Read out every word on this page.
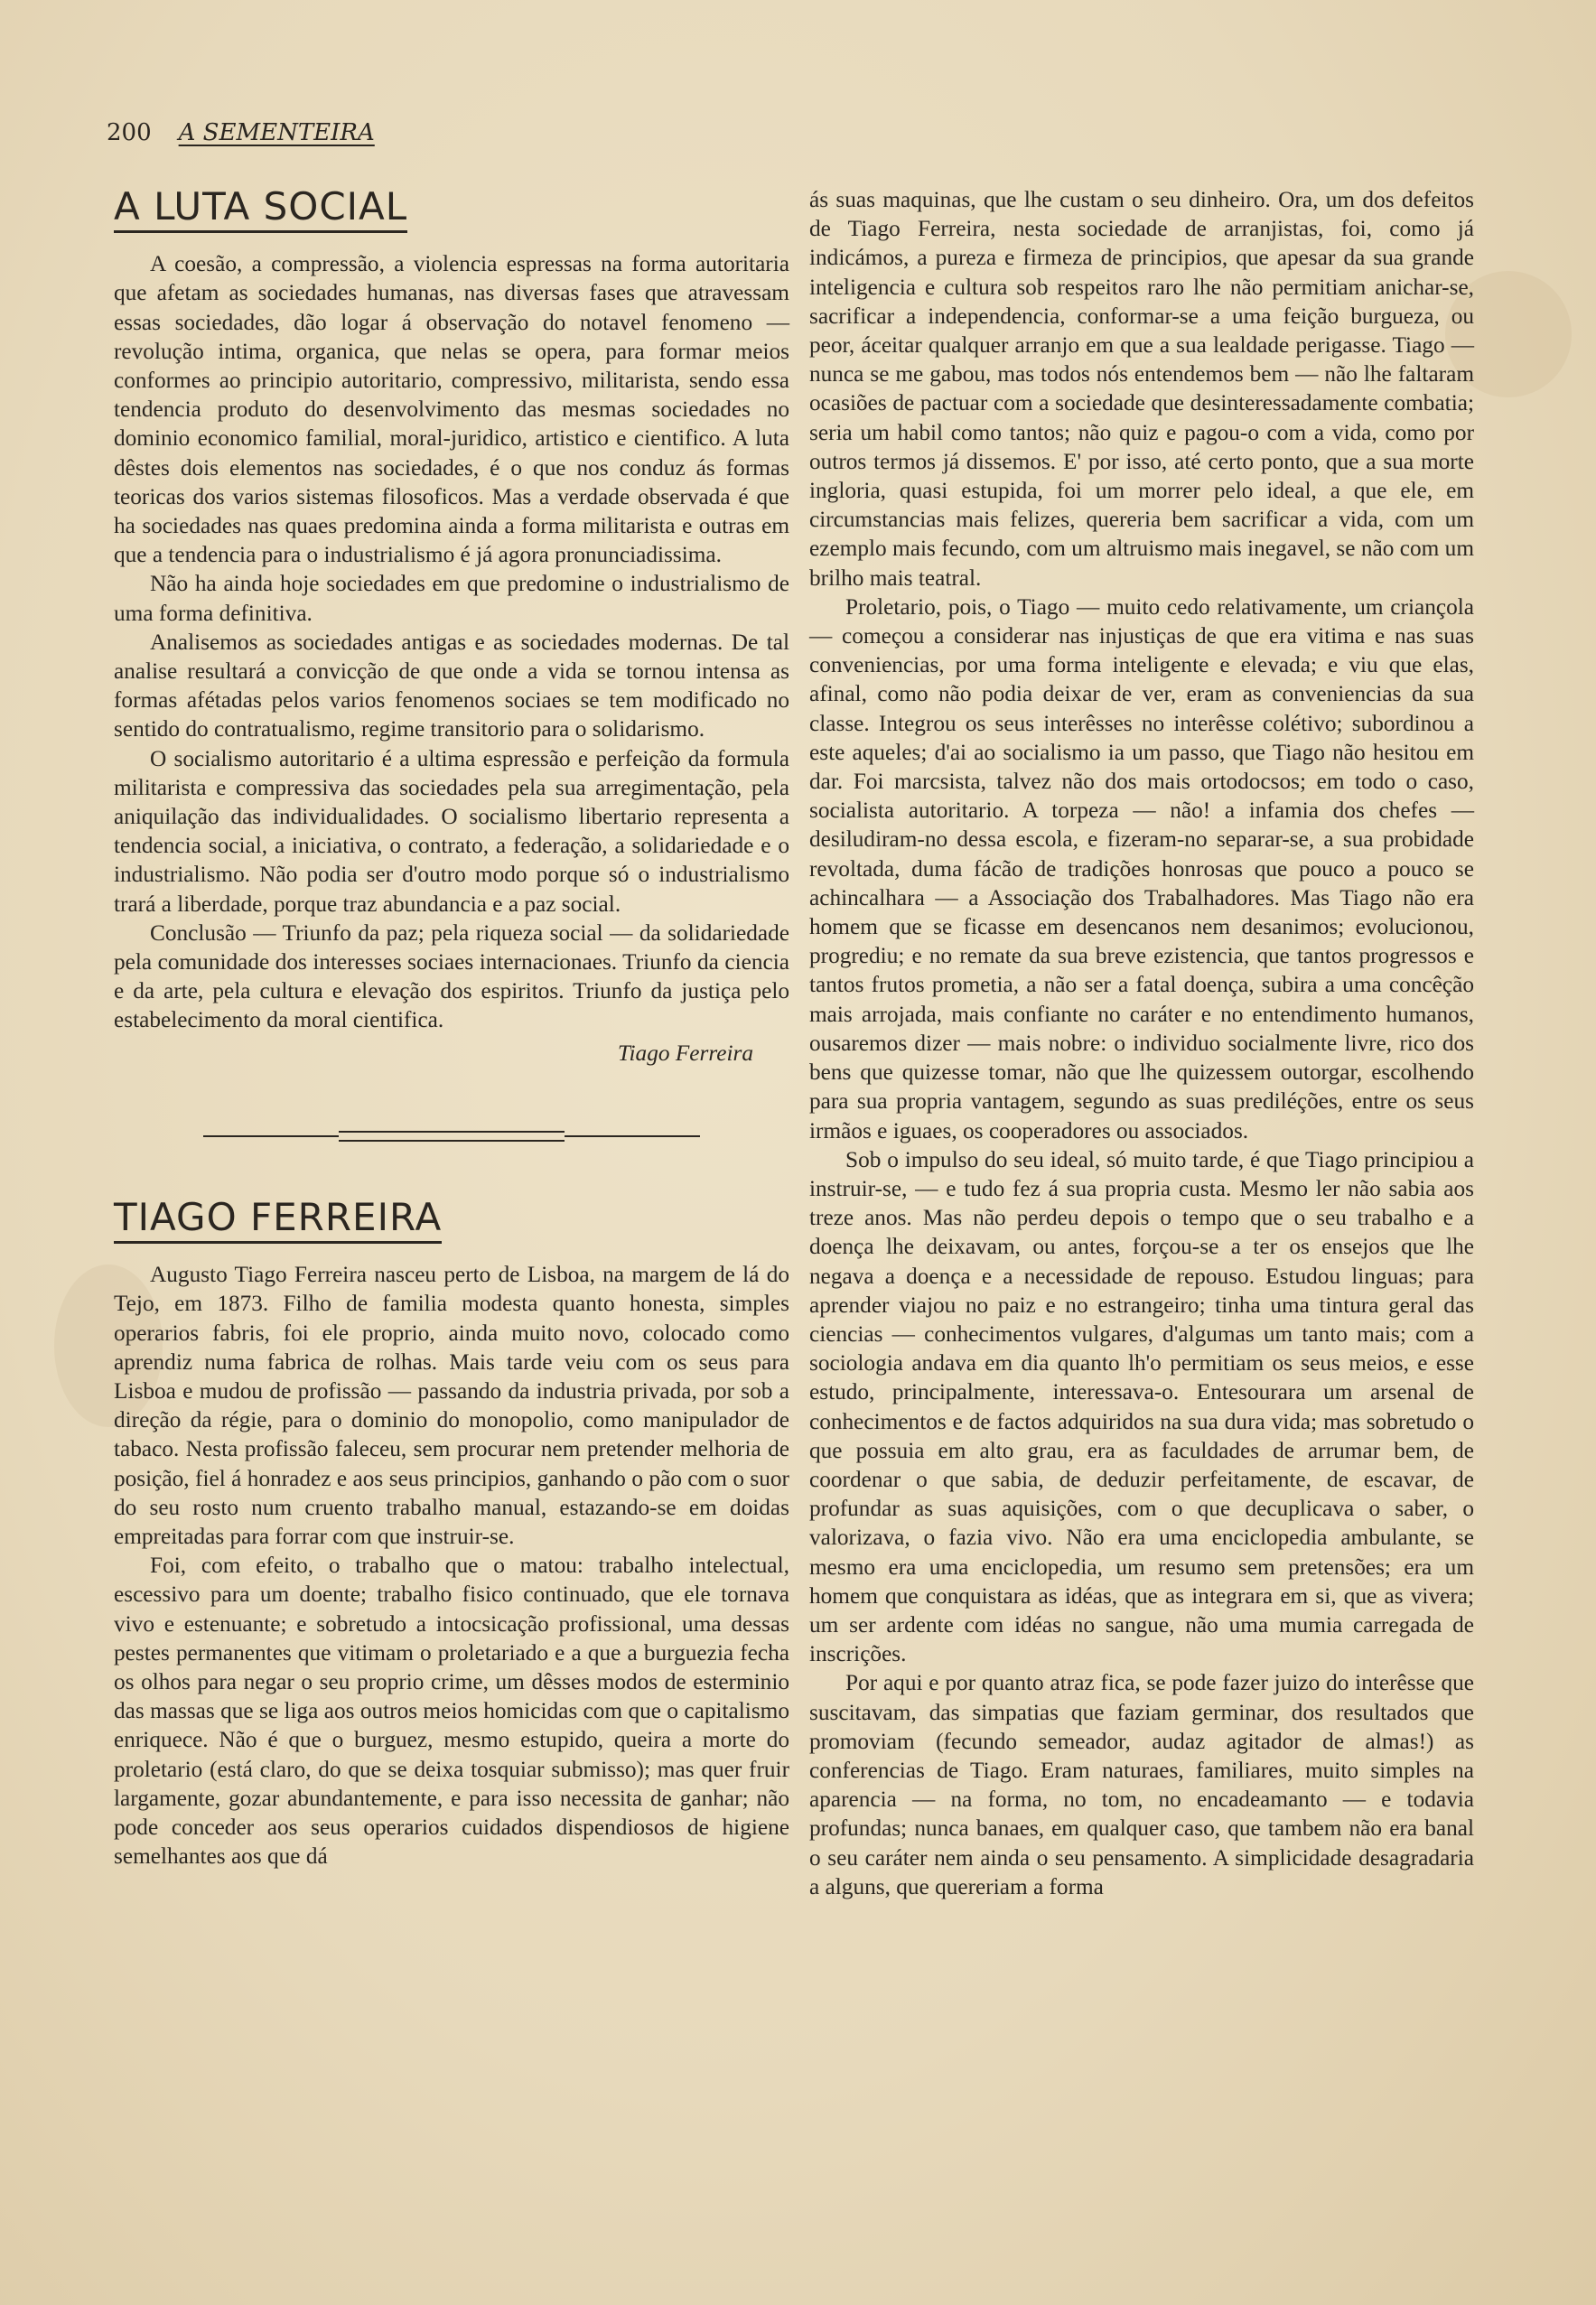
200 A SEMENTEIRA
A LUTA SOCIAL

A coesão, a compressão, a violencia espressas na forma autoritaria que afetam as sociedades humanas, nas diversas fases que atravessam essas sociedades, dão logar á observação do notavel fenomeno — revolução intima, organica, que nelas se opera, para formar meios conformes ao principio autoritario, compressivo, militarista, sendo essa tendencia produto do desenvolvimento das mesmas sociedades no dominio economico familial, moral-juridico, artistico e cientifico. A luta dêstes dois elementos nas sociedades, é o que nos conduz ás formas teoricas dos varios sistemas filosoficos. Mas a verdade observada é que ha sociedades nas quaes predomina ainda a forma militarista e outras em que a tendencia para o industrialismo é já agora pronunciadissima.

Não ha ainda hoje sociedades em que predomine o industrialismo de uma forma definitiva.

Analisemos as sociedades antigas e as sociedades modernas. De tal analise resultará a convicção de que onde a vida se tornou intensa as formas afétadas pelos varios fenomenos sociaes se tem modificado no sentido do contratualismo, regime transitorio para o solidarismo.

O socialismo autoritario é a ultima espressão e perfeição da formula militarista e compressiva das sociedades pela sua arregimentação, pela aniquilação das individualidades. O socialismo libertario representa a tendencia social, a iniciativa, o contrato, a federação, a solidariedade e o industrialismo. Não podia ser d'outro modo porque só o industrialismo trará a liberdade, porque traz abundancia e a paz social.

Conclusão — Triunfo da paz; pela riqueza social — da solidariedade pela comunidade dos interesses sociaes internacionaes. Triunfo da ciencia e da arte, pela cultura e elevação dos espiritos. Triunfo da justiça pelo estabelecimento da moral cientifica.

Tiago Ferreira
TIAGO FERREIRA

Augusto Tiago Ferreira nasceu perto de Lisboa, na margem de lá do Tejo, em 1873. Filho de familia modesta quanto honesta, simples operarios fabris, foi ele proprio, ainda muito novo, colocado como aprendiz numa fabrica de rolhas. Mais tarde veiu com os seus para Lisboa e mudou de profissão — passando da industria privada, por sob a direção da régie, para o dominio do monopolio, como manipulador de tabaco. Nesta profissão faleceu, sem procurar nem pretender melhoria de posição, fiel á honradez e aos seus principios, ganhando o pão com o suor do seu rosto num cruento trabalho manual, estazando-se em doidas empreitadas para forrar com que instruir-se.

Foi, com efeito, o trabalho que o matou: trabalho intelectual, escessivo para um doente; trabalho fisico continuado, que ele tornava vivo e estenuante; e sobretudo a intocsicação profissional, uma dessas pestes permanentes que vitimam o proletariado e a que a burguezia fecha os olhos para negar o seu proprio crime, um dêsses modos de esterminio das massas que se liga aos outros meios homicidas com que o capitalismo enriquece. Não é que o burguez, mesmo estupido, queira a morte do proletario (está claro, do que se deixa tosquiar submisso); mas quer fruir largamente, gozar abundantemente, e para isso necessita de ganhar; não pode conceder aos seus operarios cuidados dispendiosos de higiene semelhantes aos que dá

ás suas maquinas, que lhe custam o seu dinheiro. Ora, um dos defeitos de Tiago Ferreira, nesta sociedade de arranjistas, foi, como já indicámos, a pureza e firmeza de principios, que apesar da sua grande inteligencia e cultura sob respeitos raro lhe não permitiam anichar-se, sacrificar a independencia, conformar-se a uma feição burgueza, ou peor, áceitar qualquer arranjo em que a sua lealdade perigasse. Tiago — nunca se me gabou, mas todos nós entendemos bem — não lhe faltaram ocasiões de pactuar com a sociedade que desinteressadamente combatia; seria um habil como tantos; não quiz e pagou-o com a vida, como por outros termos já dissemos. E' por isso, até certo ponto, que a sua morte ingloria, quasi estupida, foi um morrer pelo ideal, a que ele, em circumstancias mais felizes, quereria bem sacrificar a vida, com um ezemplo mais fecundo, com um altruismo mais inegavel, se não com um brilho mais teatral.

Proletario, pois, o Tiago — muito cedo relativamente, um criançola — começou a considerar nas injustiças de que era vitima e nas suas conveniencias, por uma forma inteligente e elevada; e viu que elas, afinal, como não podia deixar de ver, eram as conveniencias da sua classe. Integrou os seus interêsses no interêsse colétivo; subordinou a este aqueles; d'ai ao socialismo ia um passo, que Tiago não hesitou em dar. Foi marcsista, talvez não dos mais ortodocsos; em todo o caso, socialista autoritario. A torpeza — não! a infamia dos chefes — desiludiram-no dessa escola, e fizeram-no separar-se, a sua probidade revoltada, duma fácão de tradições honrosas que pouco a pouco se achincalhara — a Associação dos Trabalhadores. Mas Tiago não era homem que se ficasse em desencanos nem desanimos; evolucionou, progrediu; e no remate da sua breve ezistencia, que tantos progressos e tantos frutos prometia, a não ser a fatal doença, subira a uma concêção mais arrojada, mais confiante no caráter e no entendimento humanos, ousaremos dizer — mais nobre: o individuo socialmente livre, rico dos bens que quizesse tomar, não que lhe quizessem outorgar, escolhendo para sua propria vantagem, segundo as suas prediléções, entre os seus irmãos e iguaes, os cooperadores ou associados.

Sob o impulso do seu ideal, só muito tarde, é que Tiago principiou a instruir-se, — e tudo fez á sua propria custa. Mesmo ler não sabia aos treze anos. Mas não perdeu depois o tempo que o seu trabalho e a doença lhe deixavam, ou antes, forçou-se a ter os ensejos que lhe negava a doença e a necessidade de repouso. Estudou linguas; para aprender viajou no paiz e no estrangeiro; tinha uma tintura geral das ciencias — conhecimentos vulgares, d'algumas um tanto mais; com a sociologia andava em dia quanto lh'o permitiam os seus meios, e esse estudo, principalmente, interessava-o. Entesourara um arsenal de conhecimentos e de factos adquiridos na sua dura vida; mas sobretudo o que possuia em alto grau, era as faculdades de arrumar bem, de coordenar o que sabia, de deduzir perfeitamente, de escavar, de profundar as suas aquisições, com o que decuplicava o saber, o valorizava, o fazia vivo. Não era uma enciclopedia ambulante, se mesmo era uma enciclopedia, um resumo sem pretensões; era um homem que conquistara as idéas, que as integrara em si, que as vivera; um ser ardente com idéas no sangue, não uma mumia carregada de inscrições.

Por aqui e por quanto atraz fica, se pode fazer juizo do interêsse que suscitavam, das simpatias que faziam germinar, dos resultados que promoviam (fecundo semeador, audaz agitador de almas!) as conferencias de Tiago. Eram naturaes, familiares, muito simples na aparencia — na forma, no tom, no encadeamanto — e todavia profundas; nunca banaes, em qualquer caso, que tambem não era banal o seu caráter nem ainda o seu pensamento. A simplicidade desagradaria a alguns, que quereriam a forma
